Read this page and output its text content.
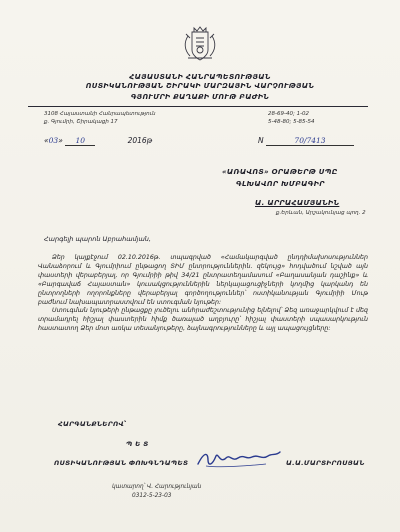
ՀԱՅԱՍՏԱՆԻ ՀԱՆՐԱՊԵՏՈՒԹՅԱՆ
ՈՍՏԻԿԱՆՈՒԹՅԱՆ ՇԻՐԱԿԻ ՄԱՐԶԱՅԻՆ ՎԱՐՉՈՒԹՅԱՆ
ԳՅՈՒՄՐԻ ՔԱՂԱՔԻ ՄՈՒԹ ԲԱԺԻՆ
3108 Հայաստանի Հանրապետություն
ք. Գյումրի, Շիրակացի 17
28-69-40; 1-02
5-48-80; 5-85-54
«03» 10	2016թ	N	70/7413
«ԱՌԱՎՈՏ» ՕՐԱԹԵՐԹ ՍՊԸ
ԳԼԽԱՎՈՐ ԽՄԲԱԳԻՐ
Ա. ԱՐՐԱՀԱՄՅԱՆԻՆ
ք.Երևան, Արշակունյաց պող. 2
Հարգելի պարոն Աբրահամյան,

Ձեր կայքէջում 02.10.2016թ. տպագրված «Համակարգված ընդդիմախոսություններ Վանաձորում և Գյումրիում ընթացող ՏԻՄ ընտրություններին. զեկույց» հոդվածում նշված այն փաստերի վերաբերյալ, որ Գյումրիի թիվ 34/21 ընտրատեղամասում «Բաղասանյան դաշինք» և «Բարգավաճ Հայաստան» կուսակցություններին ներկայացուցիչների կողմից կարկանդ են ընտրողների ողորոնքները վերաբերյալ գործողություններ՝ ոստիկանության Գյումրիի Մութ բաժնում նախապատրաստվում են ստուգման նյութեր:

Ստուգման նյութերի ընթացքը լուծելու անհրաժեշտությունից ելնելով՝ Ձեզ առաջարկվում է մեզ տրամադրել հիշյալ փաստերին հիմք ծառայած աղբյուրը՝ հիշյալ փաստերի սպասարկություն հաստատող Ձեր մոտ առկա տեսանյութերը, ձայնագրությունները և այլ ապացույցները:

ՀԱՐԳԱՆՔՆԵՐՈՎ՝
Պ Ե Տ
ՈՍՏԻԿԱՆՈՒԹՅԱՆ ՓՈԽԳՆԴԱՊԵՏ	Ա.Ա.ՄԱՐՏԻՐՈՍՅԱՆ
կատարող՝ Վ. Հարությունյան
0312-5-23-03
